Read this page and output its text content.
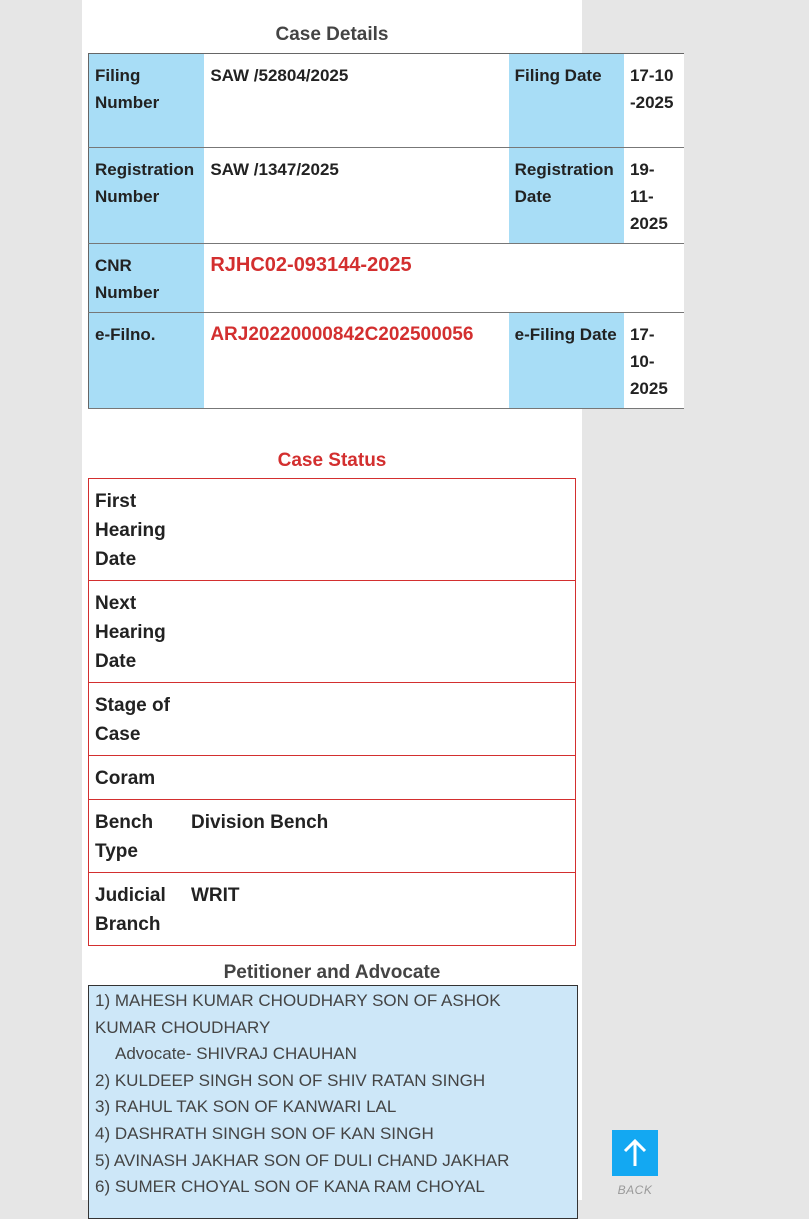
Case Details
Filing Number	SAW /52804/2025	Filing Date	17-10-2025

Registration Number	SAW /1347/2025	Registration Date	19-11-2025

CNR Number	RJHC02-093144-2025		
e-Filno.	ARJ20220000842C202500056	e-Filing Date	17-10-2025
Case Status
First Hearing Date	
Next Hearing Date	
Stage of Case	
Coram	
Bench Type	Division Bench
Judicial Branch	WRIT
Petitioner and Advocate
1) MAHESH KUMAR CHOUDHARY SON OF ASHOK
KUMAR CHOUDHARY
Advocate- SHIVRAJ CHAUHAN
2) KULDEEP SINGH SON OF SHIV RATAN SINGH
3) RAHUL TAK SON OF KANWARI LAL
4) DASHRATH SINGH SON OF KAN SINGH
5) AVINASH JAKHAR SON OF DULI CHAND JAKHAR
6) SUMER CHOYAL SON OF KANA RAM CHOYAL	BACK
